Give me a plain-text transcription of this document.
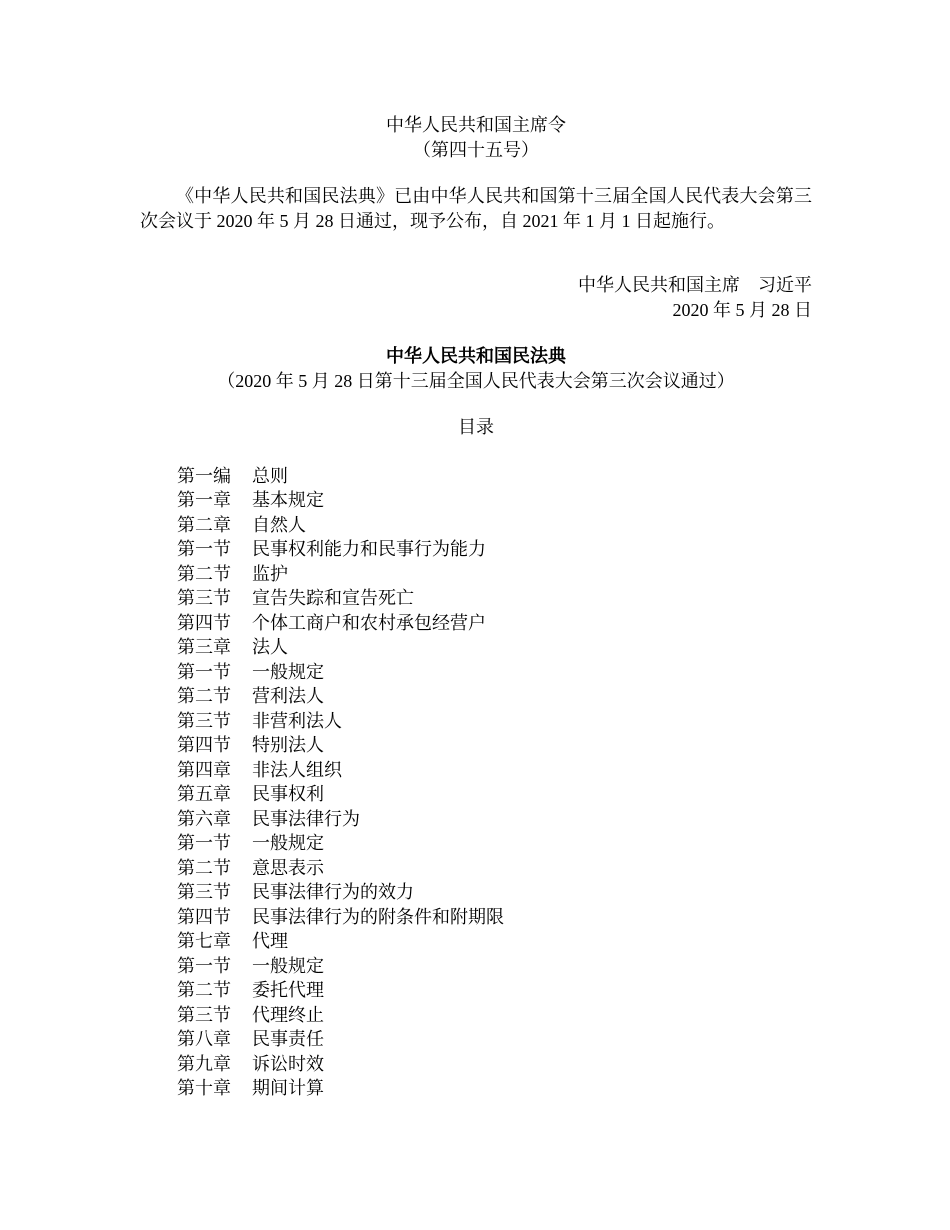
中华人民共和国主席令
（第四十五号）

《中华人民共和国民法典》已由中华人民共和国第十三届全国人民代表大会第三次会议于 2020 年 5 月 28 日通过，现予公布，自 2021 年 1 月 1 日起施行。

中华人民共和国主席 习近平
2020 年 5 月 28 日
中华人民共和国民法典
（2020 年 5 月 28 日第十三届全国人民代表大会第三次会议通过）
目录
第一编	总则
第一章	基本规定
第二章	自然人
第一节	民事权利能力和民事行为能力
第二节	监护
第三节	宣告失踪和宣告死亡
第四节	个体工商户和农村承包经营户
第三章	法人
第一节	一般规定
第二节	营利法人
第三节	非营利法人
第四节	特别法人
第四章	非法人组织
第五章	民事权利
第六章	民事法律行为
第一节	一般规定
第二节	意思表示
第三节	民事法律行为的效力
第四节	民事法律行为的附条件和附期限
第七章	代理
第一节	一般规定
第二节	委托代理
第三节	代理终止
第八章	民事责任
第九章	诉讼时效
第十章	期间计算
